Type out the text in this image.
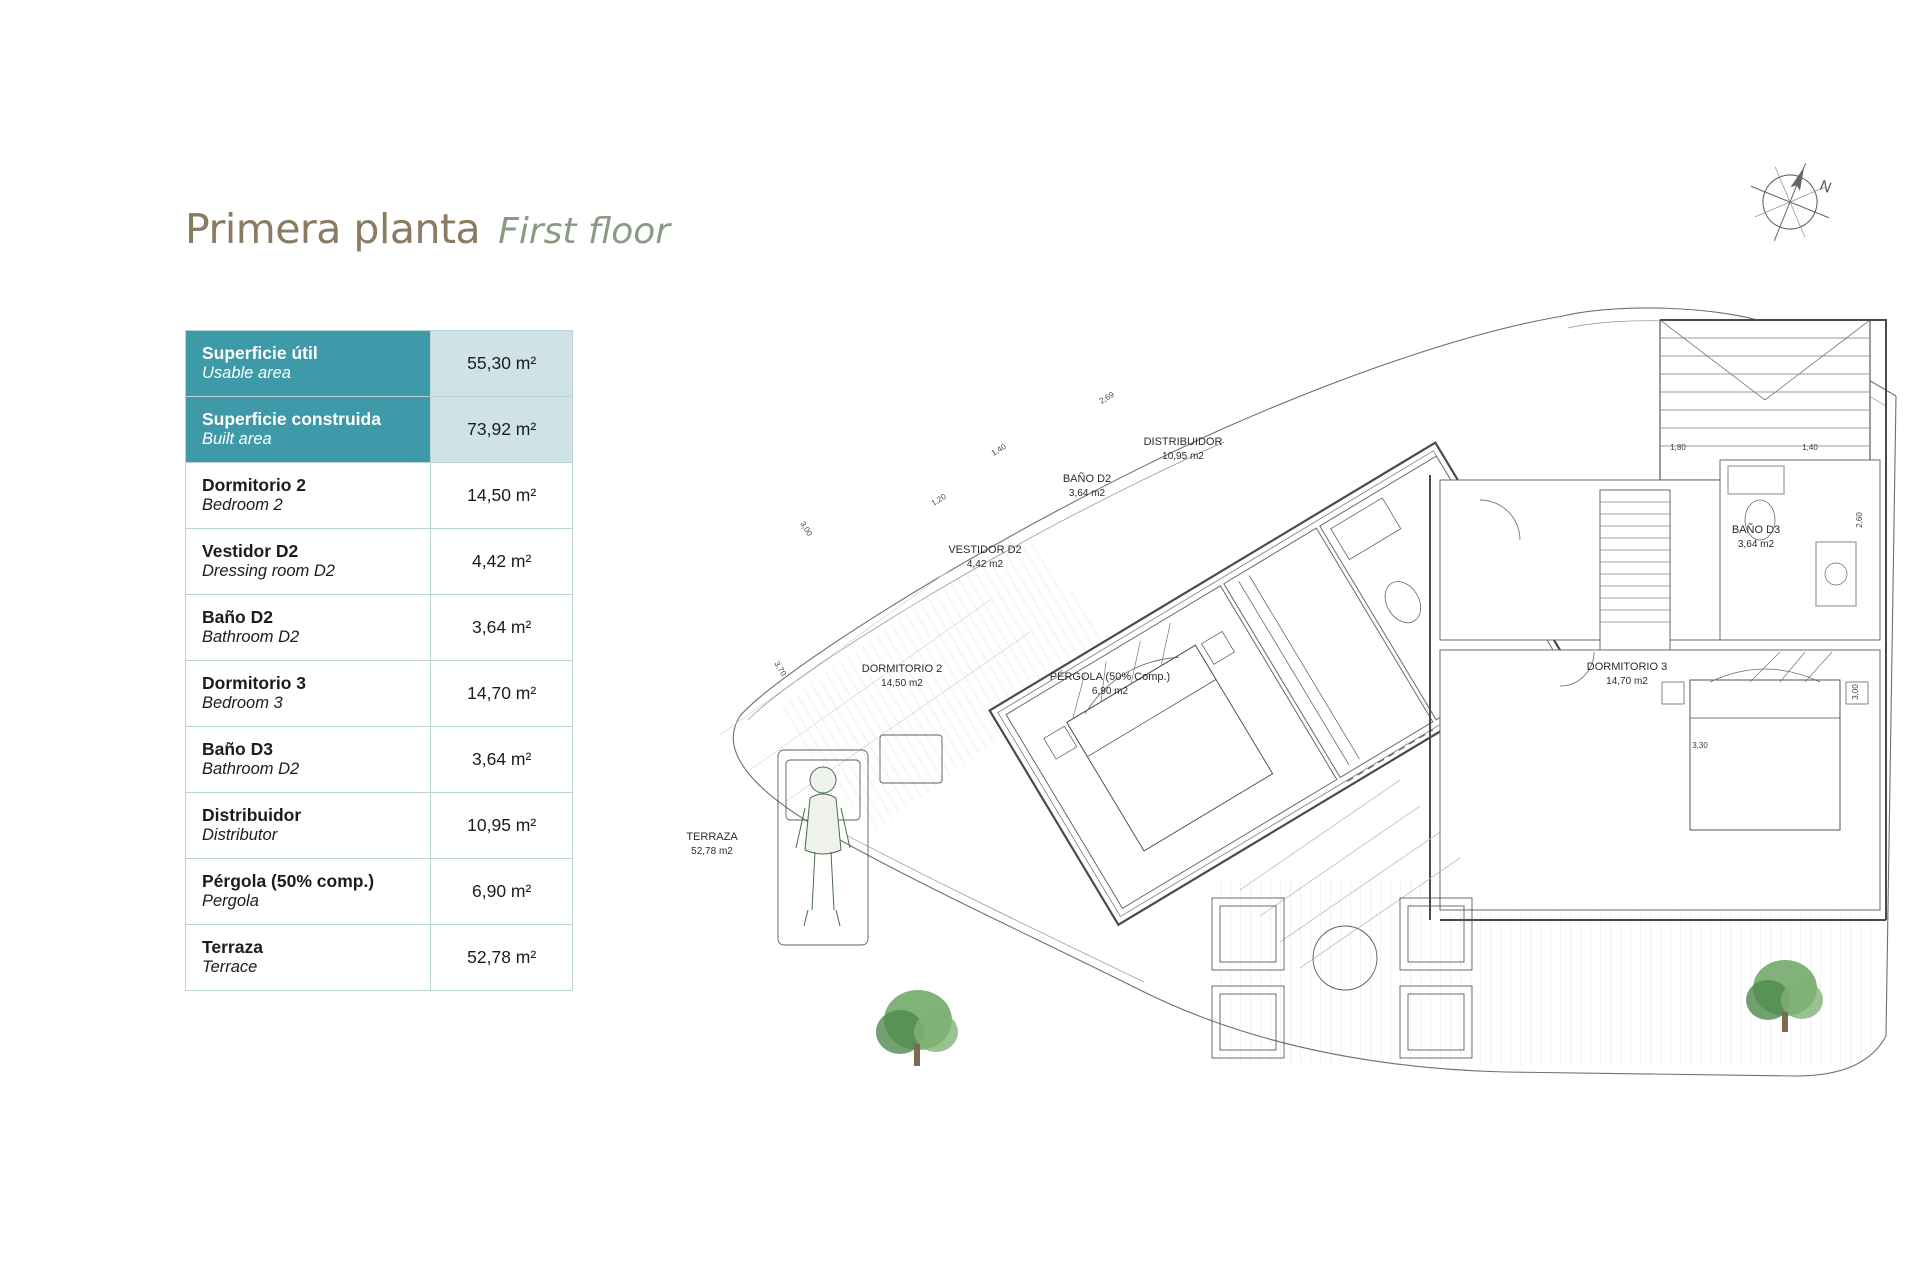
Primera planta First floor
N
Superficie útil
Usable area	55,30 m²

Superficie construida
Built area	73,92 m²

Dormitorio 2
Bedroom 2	14,50 m²

Vestidor D2
Dressing room D2	4,42 m²

Baño D2
Bathroom D2	3,64 m²

Dormitorio 3
Bedroom 3	14,70 m²

Baño D3
Bathroom D2	3,64 m²

Distribuidor
Distributor	10,95 m²

Pérgola (50% comp.)
Pergola	6,90 m²

Terraza
Terrace	52,78 m²
2,69
1,40
3,00
3,70
1,20
1,80	1,40
2,60
3,00
3,30
DORMITORIO 2
14,50 m2
VESTIDOR D2
4,42 m2
BAÑO D2
3,64 m2
DISTRIBUIDOR
10,95 m2
BAÑO D3
3,64 m2
DORMITORIO 3
14,70 m2
PÉRGOLA (50% Comp.)
6,90 m2
TERRAZA
52,78 m2
